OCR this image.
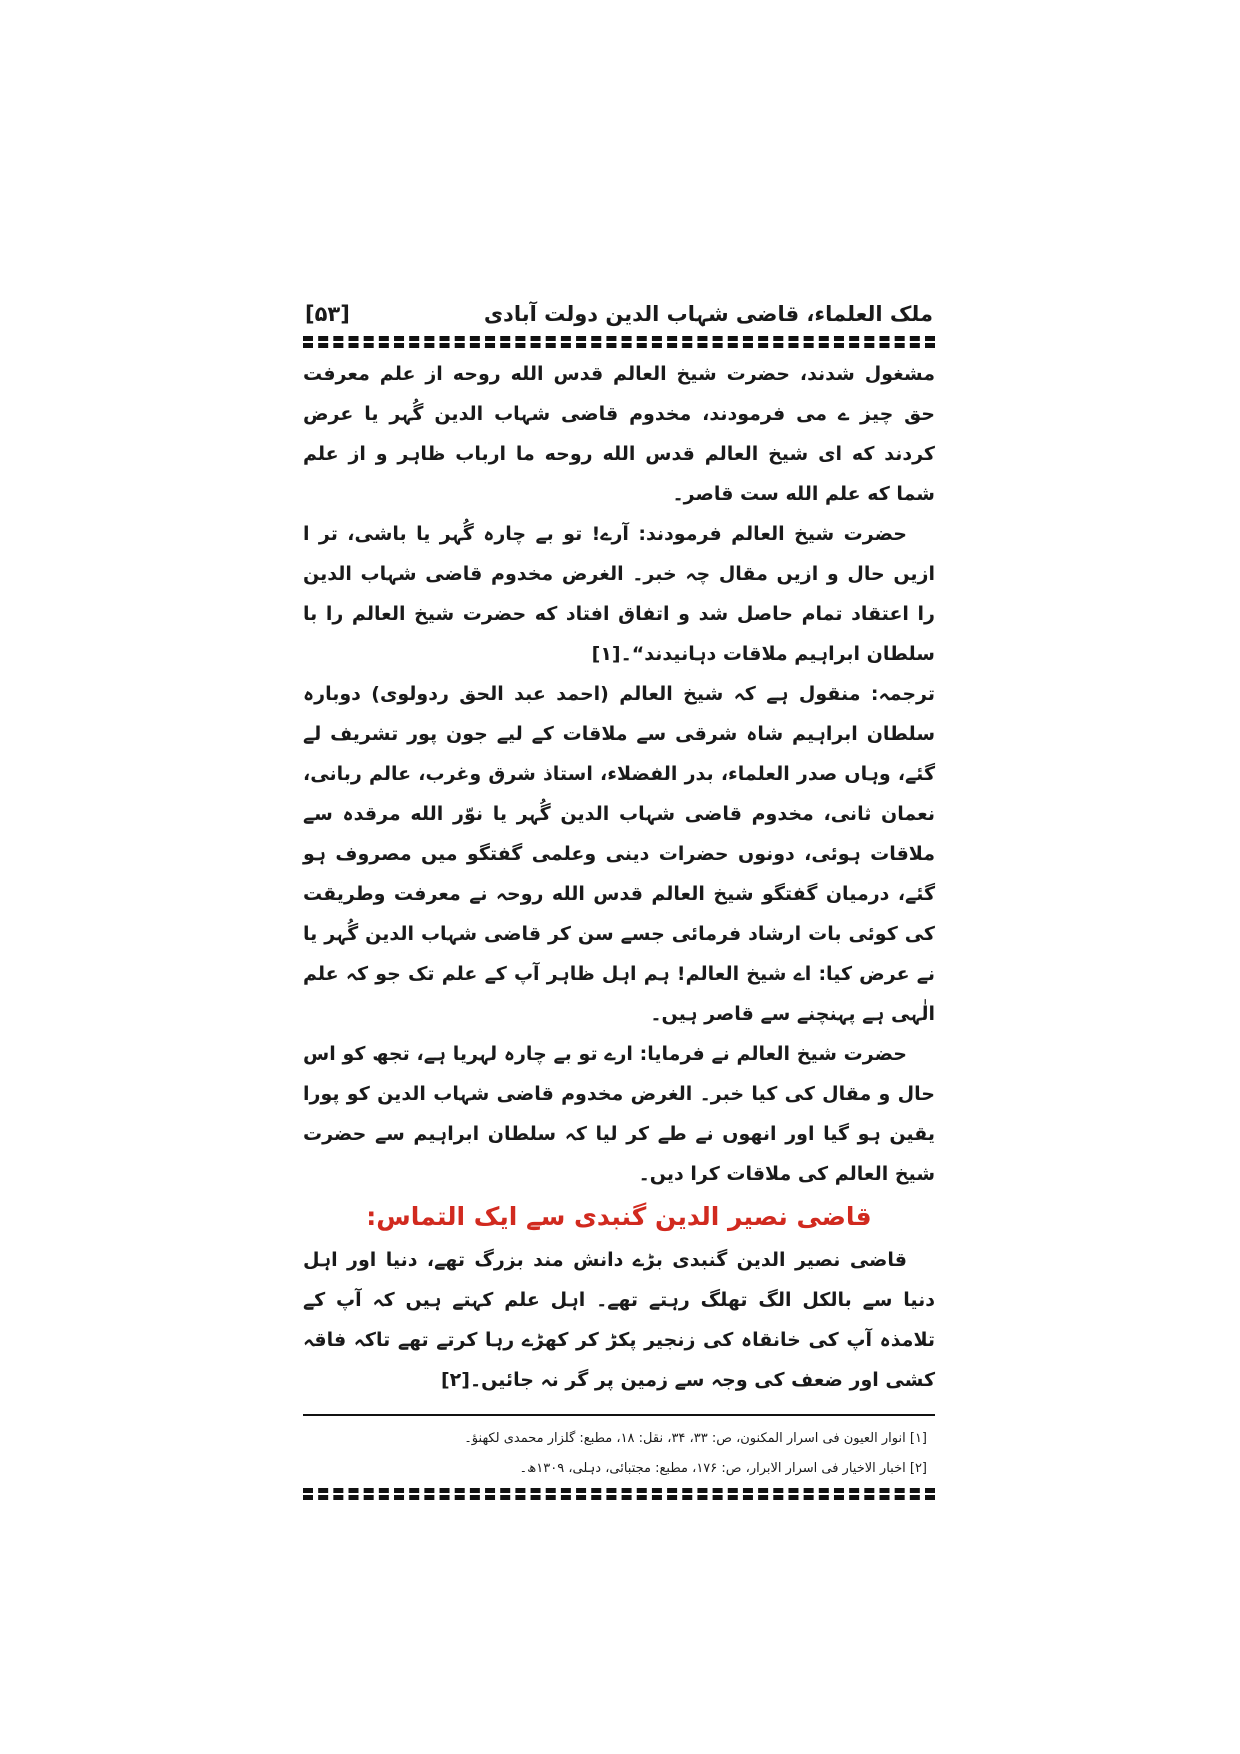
ملک العلماء، قاضی شہاب الدین دولت آبادی
[۵۳]

مشغول شدند، حضرت شیخ العالم قدس الله روحه از علم معرفت حق چیز ے می فرمودند، مخدوم قاضی شہاب الدین گُہر یا عرض کردند که ای شیخ العالم قدس الله روحه ما ارباب ظاہر و از علم شما که علم الله ست قاصر۔

حضرت شیخ العالم فرمودند: آرے! تو بے چارہ گُہر یا باشی، تر ا ازیں حال و ازیں مقال چہ خبر۔ الغرض مخدوم قاضی شہاب الدین را اعتقاد تمام حاصل شد و اتفاق افتاد که حضرت شیخ العالم را با سلطان ابراہیم ملاقات دہانیدند“۔[۱]

ترجمہ: منقول ہے کہ شیخ العالم (احمد عبد الحق ردولوی) دوبارہ سلطان ابراہیم شاہ شرقی سے ملاقات کے لیے جون پور تشریف لے گئے، وہاں صدر العلماء، بدر الفضلاء، استاذ شرق وغرب، عالم ربانی، نعمان ثانی، مخدوم قاضی شہاب الدین گُہر یا نوّر الله مرقدہ سے ملاقات ہوئی، دونوں حضرات دینی وعلمی گفتگو میں مصروف ہو گئے، درمیان گفتگو شیخ العالم قدس الله روحہ نے معرفت وطریقت کی کوئی بات ارشاد فرمائی جسے سن کر قاضی شہاب الدین گُہر یا نے عرض کیا: اے شیخ العالم! ہم اہل ظاہر آپ کے علم تک جو کہ علم الٰہی ہے پہنچنے سے قاصر ہیں۔

حضرت شیخ العالم نے فرمایا: ارے تو بے چارہ لہریا ہے، تجھ کو اس حال و مقال کی کیا خبر۔ الغرض مخدوم قاضی شہاب الدین کو پورا یقین ہو گیا اور انھوں نے طے کر لیا کہ سلطان ابراہیم سے حضرت شیخ العالم کی ملاقات کرا دیں۔

قاضی نصیر الدین گنبدی سے ایک التماس:

قاضی نصیر الدین گنبدی بڑے دانش مند بزرگ تھے، دنیا اور اہل دنیا سے بالکل الگ تھلگ رہتے تھے۔ اہل علم کہتے ہیں کہ آپ کے تلامذہ آپ کی خانقاہ کی زنجیر پکڑ کر کھڑے رہا کرتے تھے تاکہ فاقہ کشی اور ضعف کی وجہ سے زمین پر گر نہ جائیں۔[۲]

[۱] انوار العیون فی اسرار المکنون، ص: ۳۳، ۳۴، نقل: ۱۸، مطبع: گلزار محمدی لکھنؤ۔

[۲] اخبار الاخیار فی اسرار الابرار، ص: ۱۷۶، مطبع: مجتبائی، دہلی، ۱۳۰۹ھ۔
